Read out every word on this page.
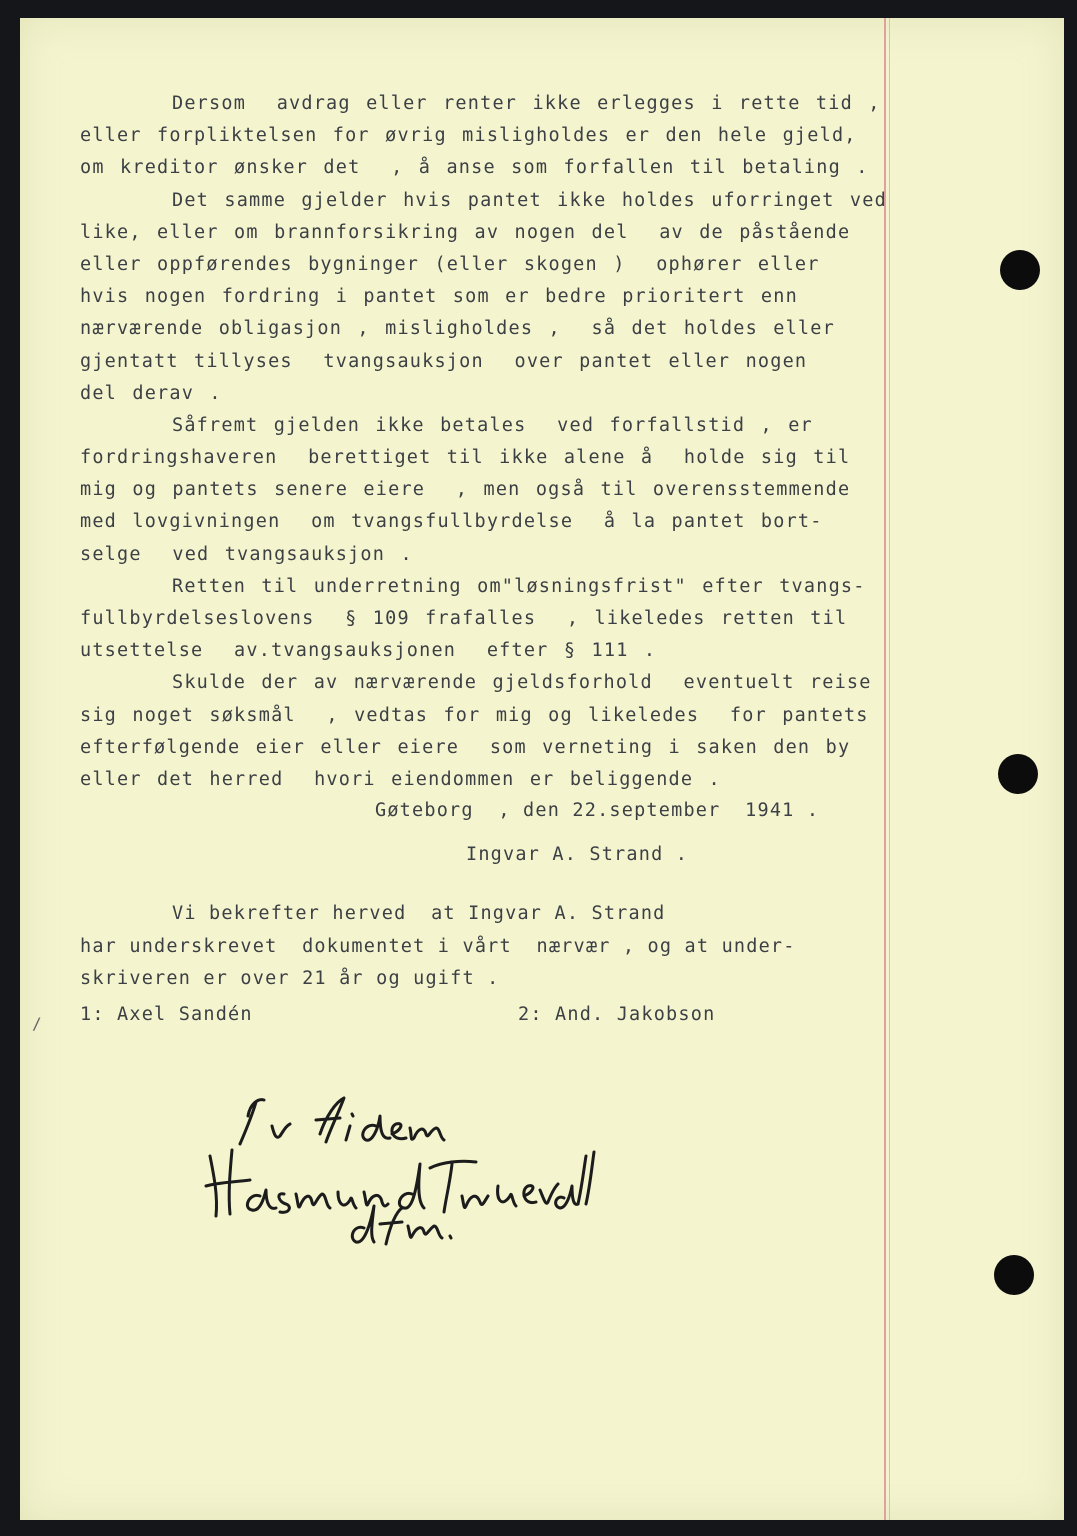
Dersom  avdrag eller renter ikke erlegges i rette tid ,
eller forpliktelsen for øvrig misligholdes er den hele gjeld,
om kreditor ønsker det  , å anse som forfallen til betaling .
Det samme gjelder hvis pantet ikke holdes uforringet ved
like, eller om brannforsikring av nogen del  av de påstående
eller oppførendes bygninger (eller skogen )  ophører eller
hvis nogen fordring i pantet som er bedre prioritert enn
nærværende obligasjon , misligholdes ,  så det holdes eller
gjentatt tillyses  tvangsauksjon  over pantet eller nogen
del derav .
Såfremt gjelden ikke betales  ved forfallstid , er
fordringshaveren  berettiget til ikke alene å  holde sig til
mig og pantets senere eiere  , men også til overensstemmende
med lovgivningen  om tvangsfullbyrdelse  å la pantet bort-
selge  ved tvangsauksjon .
Retten til underretning om"løsningsfrist" efter tvangs-
fullbyrdelseslovens  § 109 frafalles  , likeledes retten til
utsettelse  av.tvangsauksjonen  efter § 111 .
Skulde der av nærværende gjeldsforhold  eventuelt reise
sig noget søksmål  , vedtas for mig og likeledes  for pantets
efterfølgende eier eller eiere  som verneting i saken den by
eller det herred  hvori eiendommen er beliggende .
Gøteborg  , den 22.september  1941 .
Ingvar A. Strand .
Vi bekrefter herved  at Ingvar A. Strand
har underskrevet  dokumentet i vårt  nærvær , og at under-
skriveren er over 21 år og ugift .
/ 1: Axel Sandén	2: And. Jakobson
